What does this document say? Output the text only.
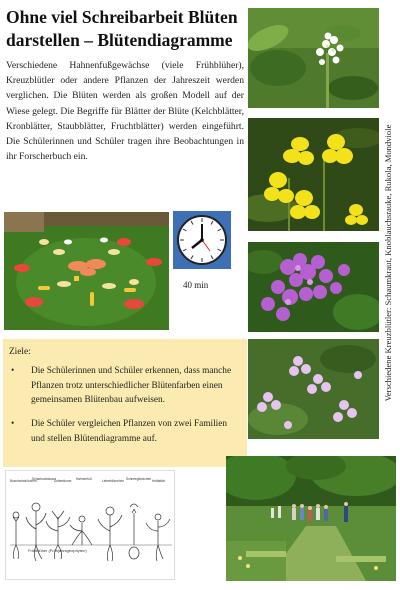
Ohne viel Schreibarbeit Blüten darstellen – Blütendiagramme
Verschiedene Hahnenfußgewächse (viele Frühblüher), Kreuzblütler oder andere Pflanzen der Jahreszeit werden verglichen. Die Blüten werden als großen Modell auf der Wiese gelegt. Die Begriffe für Blätter der Blüte (Kelchblätter, Kronblätter, Staubblätter, Fruchtblätter) werden eingeführt. Die Schülerinnen und Schüler tragen ihre Beobachtungen in ihr Forscherbuch ein.	Verschiedene Kreuzblütler: Schaumkraut, Knoblauchsrauke, Rukola, Mondviole
40 min
Ziele:
• Die Schülerinnen und Schüler erkennen, dass manche Pflanzen trotz unterschiedlicher Blütenfarben einen gemeinsamen Blütenbau aufweisen.
• Die Schüler vergleichen Pflanzen von zwei Familien und stellen Blütendiagramme auf.
Buschwindröschen
Scharbockskraut
Dotterblume Hahnenfuß	Leberblümchen Schneeglöckchen Huflattich
Frühblüher (Frühjahrsgeophyten)
